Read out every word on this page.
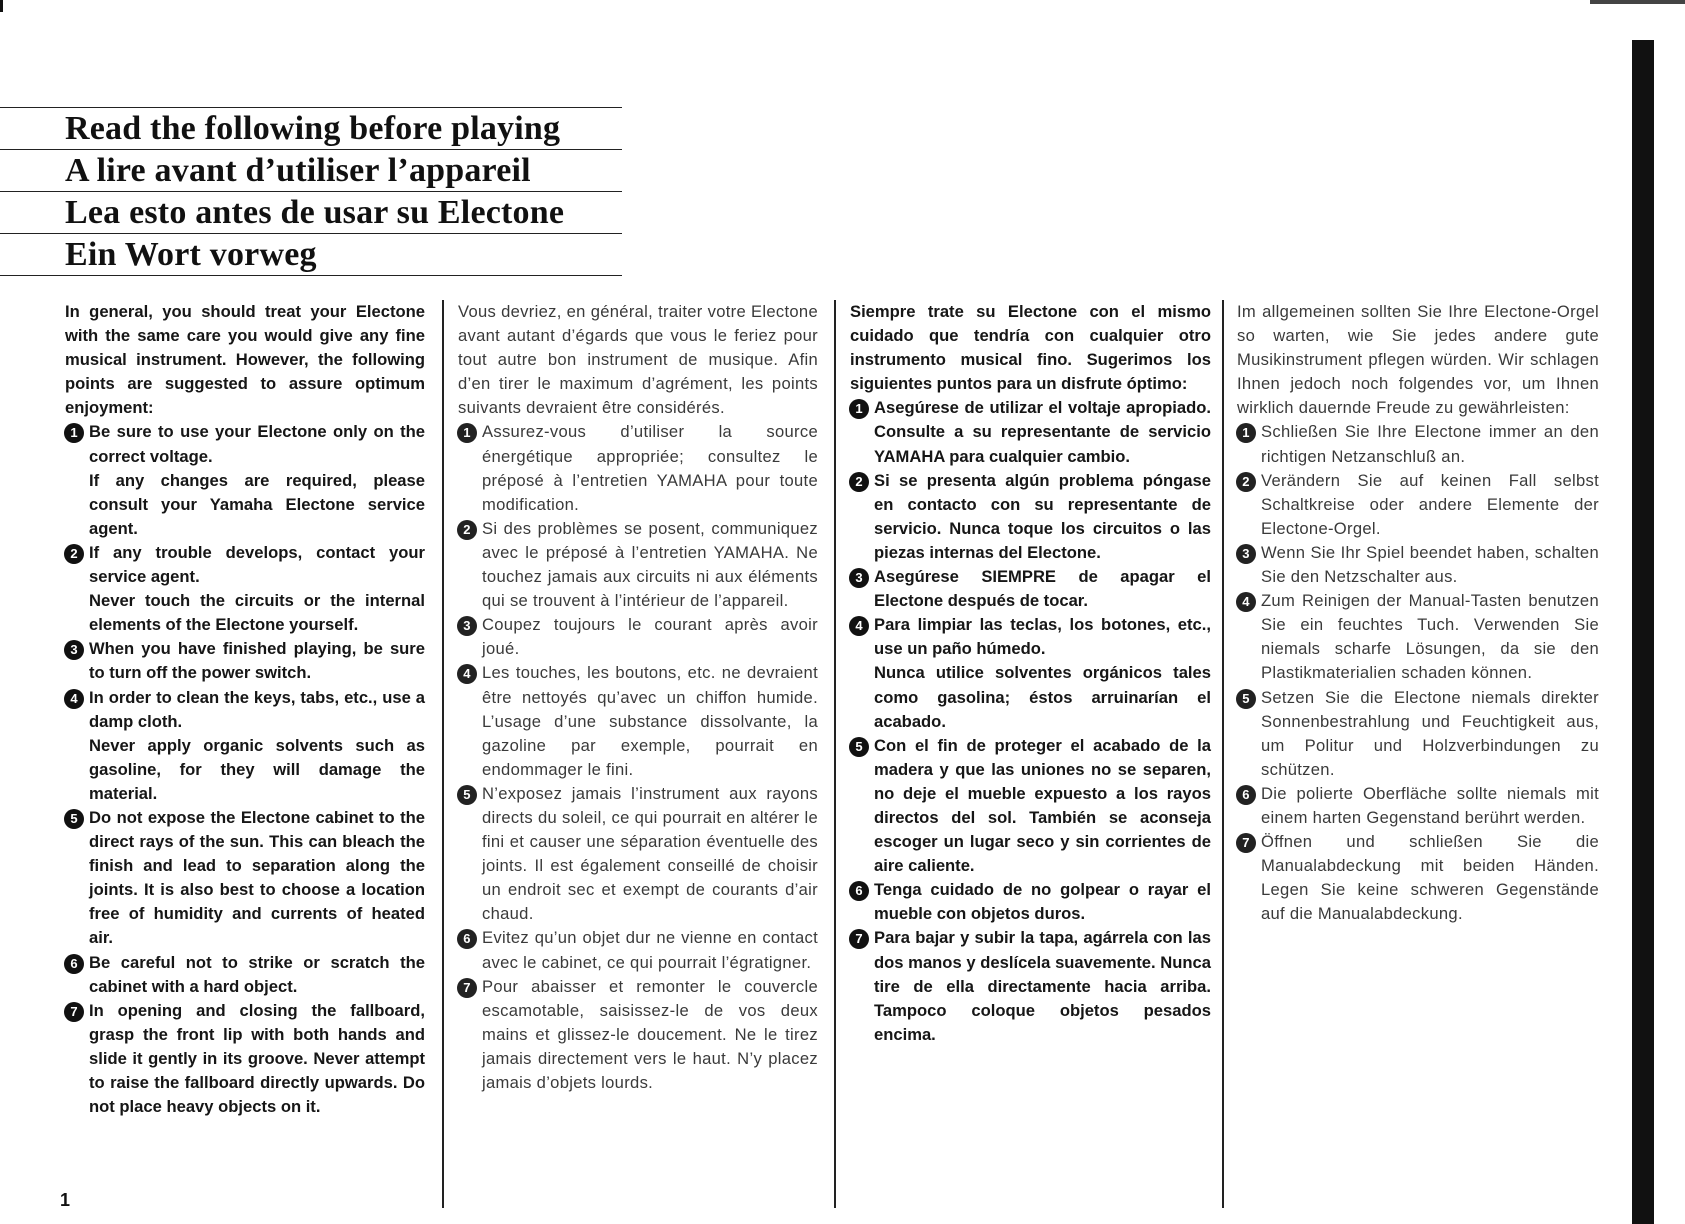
Read the following before playing
A lire avant d’utiliser l’appareil
Lea esto antes de usar su Electone
Ein Wort vorweg

In general, you should treat your Electone with the same care you would give any fine musical instrument. However, the following points are suggested to assure optimum enjoyment:

1 Be sure to use your Electone only on the correct voltage.

If any changes are required, please consult your Yamaha Electone service agent.

2 If any trouble develops, contact your service agent.

Never touch the circuits or the internal elements of the Electone yourself.

3 When you have finished playing, be sure to turn off the power switch.

4 In order to clean the keys, tabs, etc., use a damp cloth.

Never apply organic solvents such as gasoline, for they will damage the material.

5 Do not expose the Electone cabinet to the direct rays of the sun. This can bleach the finish and lead to separation along the joints. It is also best to choose a location free of humidity and currents of heated air.

6 Be careful not to strike or scratch the cabinet with a hard object.

7 In opening and closing the fallboard, grasp the front lip with both hands and slide it gently in its groove. Never attempt to raise the fallboard directly upwards. Do not place heavy objects on it.

Vous devriez, en général, traiter votre Electone avant autant d’égards que vous le feriez pour tout autre bon instrument de musique. Afin d’en tirer le maximum d’agrément, les points suivants devraient être considérés.

1 Assurez-vous d’utiliser la source énergétique appropriée; consultez le préposé à l’entretien YAMAHA pour toute modification.

2 Si des problèmes se posent, communiquez avec le préposé à l’entretien YAMAHA. Ne touchez jamais aux circuits ni aux éléments qui se trouvent à l’intérieur de l’appareil.

3 Coupez toujours le courant après avoir joué.

4 Les touches, les boutons, etc. ne devraient être nettoyés qu’avec un chiffon humide. L’usage d’une substance dissolvante, la gazoline par exemple, pourrait en endommager le fini.

5 N’exposez jamais l’instrument aux rayons directs du soleil, ce qui pourrait en altérer le fini et causer une séparation éventuelle des joints. Il est également conseillé de choisir un endroit sec et exempt de courants d’air chaud.

6 Evitez qu’un objet dur ne vienne en contact avec le cabinet, ce qui pourrait l’égratigner.

7 Pour abaisser et remonter le couvercle escamotable, saisissez-le de vos deux mains et glissez-le doucement. Ne le tirez jamais directement vers le haut. N’y placez jamais d’objets lourds.

Siempre trate su Electone con el mismo cuidado que tendría con cualquier otro instrumento musical fino. Sugerimos los siguientes puntos para un disfrute óptimo:

1 Asegúrese de utilizar el voltaje apropiado. Consulte a su representante de servicio YAMAHA para cualquier cambio.

2 Si se presenta algún problema póngase en contacto con su representante de servicio. Nunca toque los circuitos o las piezas internas del Electone.

3 Asegúrese SIEMPRE de apagar el Electone después de tocar.

4 Para limpiar las teclas, los botones, etc., use un paño húmedo.

Nunca utilice solventes orgánicos tales como gasolina; éstos arruinarían el acabado.

5 Con el fin de proteger el acabado de la madera y que las uniones no se separen, no deje el mueble expuesto a los rayos directos del sol. También se aconseja escoger un lugar seco y sin corrientes de aire caliente.

6 Tenga cuidado de no golpear o rayar el mueble con objetos duros.

7 Para bajar y subir la tapa, agárrela con las dos manos y deslícela suavemente. Nunca tire de ella directamente hacia arriba. Tampoco coloque objetos pesados encima.

Im allgemeinen sollten Sie Ihre Electone-Orgel so warten, wie Sie jedes andere gute Musikinstrument pflegen würden. Wir schlagen Ihnen jedoch noch folgendes vor, um Ihnen wirklich dauernde Freude zu gewährleisten:

1 Schließen Sie Ihre Electone immer an den richtigen Netzanschluß an.

2 Verändern Sie auf keinen Fall selbst Schaltkreise oder andere Elemente der Electone-Orgel.

3 Wenn Sie Ihr Spiel beendet haben, schalten Sie den Netzschalter aus.

4 Zum Reinigen der Manual-Tasten benutzen Sie ein feuchtes Tuch. Verwenden Sie niemals scharfe Lösungen, da sie den Plastikmaterialien schaden können.

5 Setzen Sie die Electone niemals direkter Sonnenbestrahlung und Feuchtigkeit aus, um Politur und Holzverbindungen zu schützen.

6 Die polierte Oberfläche sollte niemals mit einem harten Gegenstand berührt werden.

7 Öffnen und schließen Sie die Manualabdeckung mit beiden Händen. Legen Sie keine schweren Gegenstände auf die Manualabdeckung.

1
